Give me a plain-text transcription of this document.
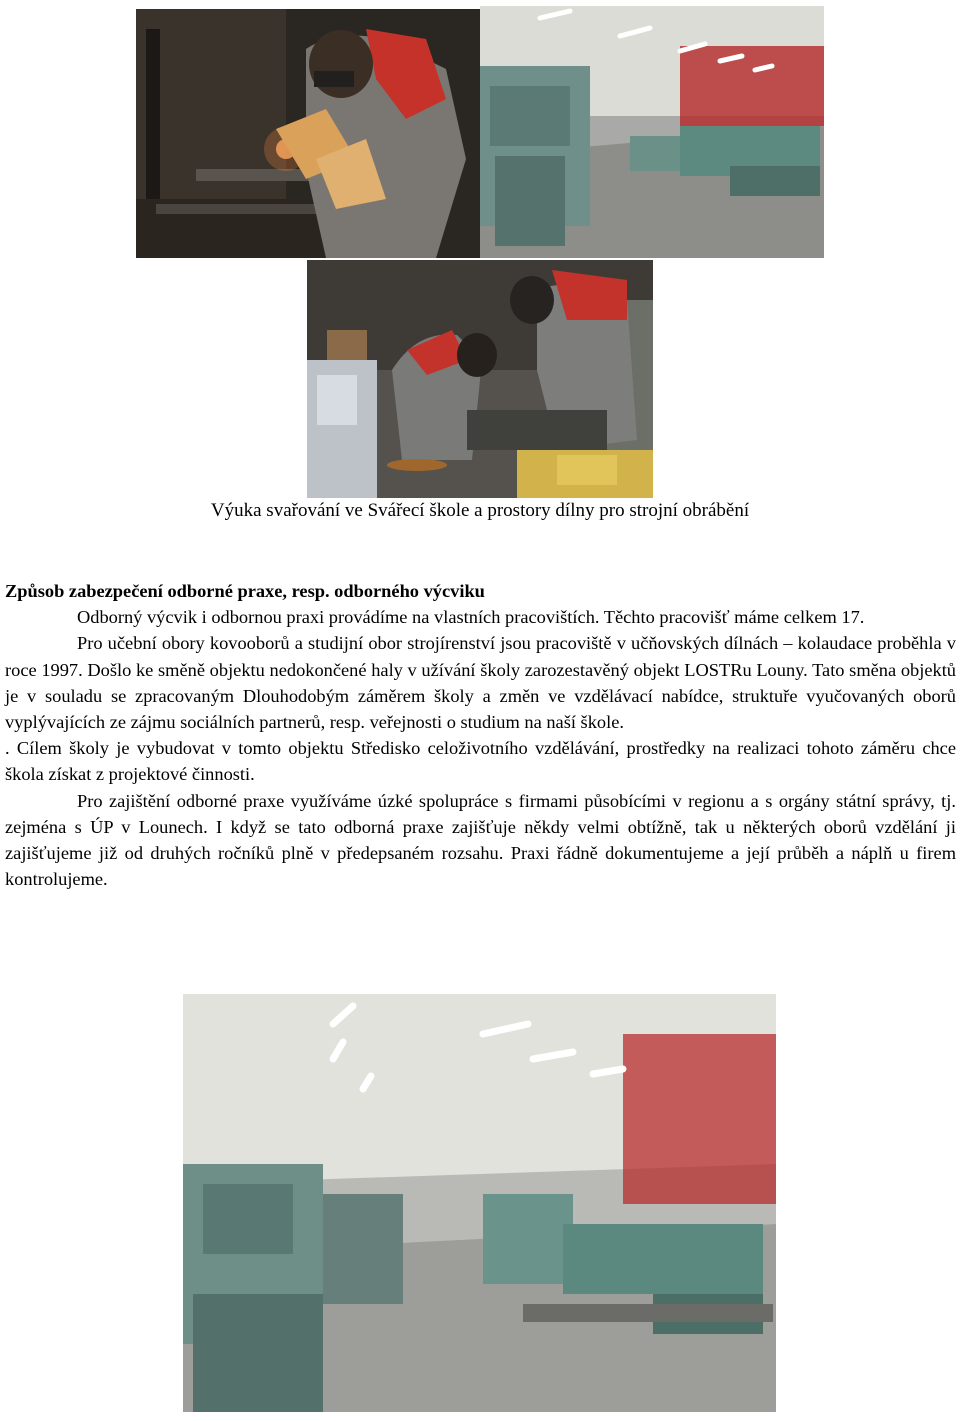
Výuka svařování ve Svářecí škole a prostory dílny pro strojní obrábění

Způsob zabezpečení odborné praxe, resp. odborného výcviku

Odborný výcvik i odbornou praxi provádíme na vlastních pracovištích. Těchto pracovišť máme celkem 17.

Pro učební obory kovooborů a studijní obor strojírenství jsou pracoviště v učňovských dílnách – kolaudace proběhla v roce 1997. Došlo ke směně objektu nedokončené haly v užívání školy zarozestavěný objekt LOSTRu Louny. Tato směna objektů je v souladu se zpracovaným Dlouhodobým záměrem školy a změn ve vzdělávací nabídce, struktuře vyučovaných oborů vyplývajících ze zájmu sociálních partnerů, resp. veřejnosti o studium na naší škole.

. Cílem školy je vybudovat v tomto objektu Středisko celoživotního vzdělávání, prostředky na realizaci tohoto záměru chce škola získat z projektové činnosti.

Pro zajištění odborné praxe využíváme úzké spolupráce s firmami působícími v regionu a s orgány státní správy, tj. zejména s ÚP v Lounech. I když se tato odborná praxe zajišťuje někdy velmi obtížně, tak u některých oborů vzdělání ji zajišťujeme již od druhých ročníků plně v předepsaném rozsahu. Praxi řádně dokumentujeme a její průběh a náplň u firem kontrolujeme.
